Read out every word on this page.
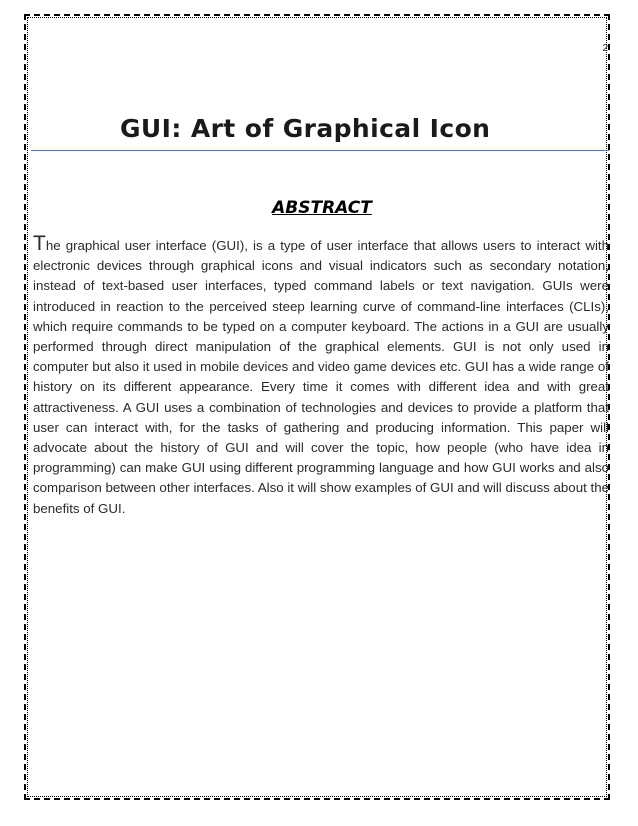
2
GUI: Art of Graphical Icon
ABSTRACT
The graphical user interface (GUI), is a type of user interface that allows users to interact with electronic devices through graphical icons and visual indicators such as secondary notation, instead of text-based user interfaces, typed command labels or text navigation. GUIs were introduced in reaction to the perceived steep learning curve of command-line interfaces (CLIs), which require commands to be typed on a computer keyboard. The actions in a GUI are usually performed through direct manipulation of the graphical elements. GUI is not only used in computer but also it used in mobile devices and video game devices etc. GUI has a wide range of history on its different appearance. Every time it comes with different idea and with great attractiveness. A GUI uses a combination of technologies and devices to provide a platform that user can interact with, for the tasks of gathering and producing information. This paper will advocate about the history of GUI and will cover the topic, how people (who have idea in programming) can make GUI using different programming language and how GUI works and also comparison between other interfaces. Also it will show examples of GUI and will discuss about the benefits of GUI.
